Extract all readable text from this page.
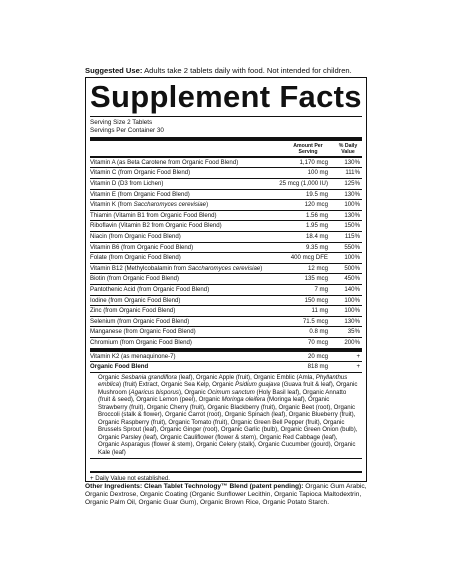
Suggested Use: Adults take 2 tablets daily with food. Not intended for children.
Supplement Facts
Serving Size 2 Tablets
Servings Per Container 30
Amount Per Serving
% Daily Value
Vitamin A (as Beta Carotene from Organic Food Blend)	1,170 mcg	130%
Vitamin C (from Organic Food Blend)	100 mg	111%
Vitamin D (D3 from Lichen)	25 mcg (1,000 IU)	125%
Vitamin E (from Organic Food Blend)	19.5 mg	130%
Vitamin K (from Saccharomyces cerevisiae)	120 mcg	100%
Thiamin (Vitamin B1 from Organic Food Blend)	1.56 mg	130%
Riboflavin (Vitamin B2 from Organic Food Blend)	1.95 mg	150%
Niacin (from Organic Food Blend)	18.4 mg	115%
Vitamin B6 (from Organic Food Blend)	9.35 mg	550%
Folate (from Organic Food Blend)	400 mcg DFE	100%
Vitamin B12 (Methylcobalamin from Saccharomyces cerevisiae)	12 mcg	500%
Biotin (from Organic Food Blend)	135 mcg	450%
Pantothenic Acid (from Organic Food Blend)	7 mg	140%
Iodine (from Organic Food Blend)	150 mcg	100%
Zinc (from Organic Food Blend)	11 mg	100%
Selenium (from Organic Food Blend)	71.5 mcg	130%
Manganese (from Organic Food Blend)	0.8 mg	35%
Chromium (from Organic Food Blend)	70 mcg	200%
Vitamin K2 (as menaquinone-7)	20 mcg	+
Organic Food Blend	818 mg	+
Organic Sesbania grandiflora (leaf), Organic Apple (fruit), Organic Emblic (Amla, Phyllanthus emblica) (fruit) Extract, Organic Sea Kelp, Organic Psidium guajava (Guava fruit & leaf), Organic Mushroom (Agaricus bisporus), Organic Ocimum sanctum (Holy Basil leaf), Organic Annatto (fruit & seed), Organic Lemon (peel), Organic Moringa oleifera (Moringa leaf), Organic Strawberry (fruit), Organic Cherry (fruit), Organic Blackberry (fruit), Organic Beet (root), Organic Broccoli (stalk & flower), Organic Carrot (root), Organic Spinach (leaf), Organic Blueberry (fruit), Organic Raspberry (fruit), Organic Tomato (fruit), Organic Green Bell Pepper (fruit), Organic Brussels Sprout (leaf), Organic Ginger (root), Organic Garlic (bulb), Organic Green Onion (bulb), Organic Parsley (leaf), Organic Cauliflower (flower & stem), Organic Red Cabbage (leaf), Organic Asparagus (flower & stem), Organic Celery (stalk), Organic Cucumber (gourd), Organic Kale (leaf)
+ Daily Value not established.
Other Ingredients: Clean Tablet Technology™ Blend (patent pending): Organic Gum Arabic, Organic Dextrose, Organic Coating (Organic Sunflower Lecithin, Organic Tapioca Maltodextrin, Organic Palm Oil, Organic Guar Gum), Organic Brown Rice, Organic Potato Starch.
